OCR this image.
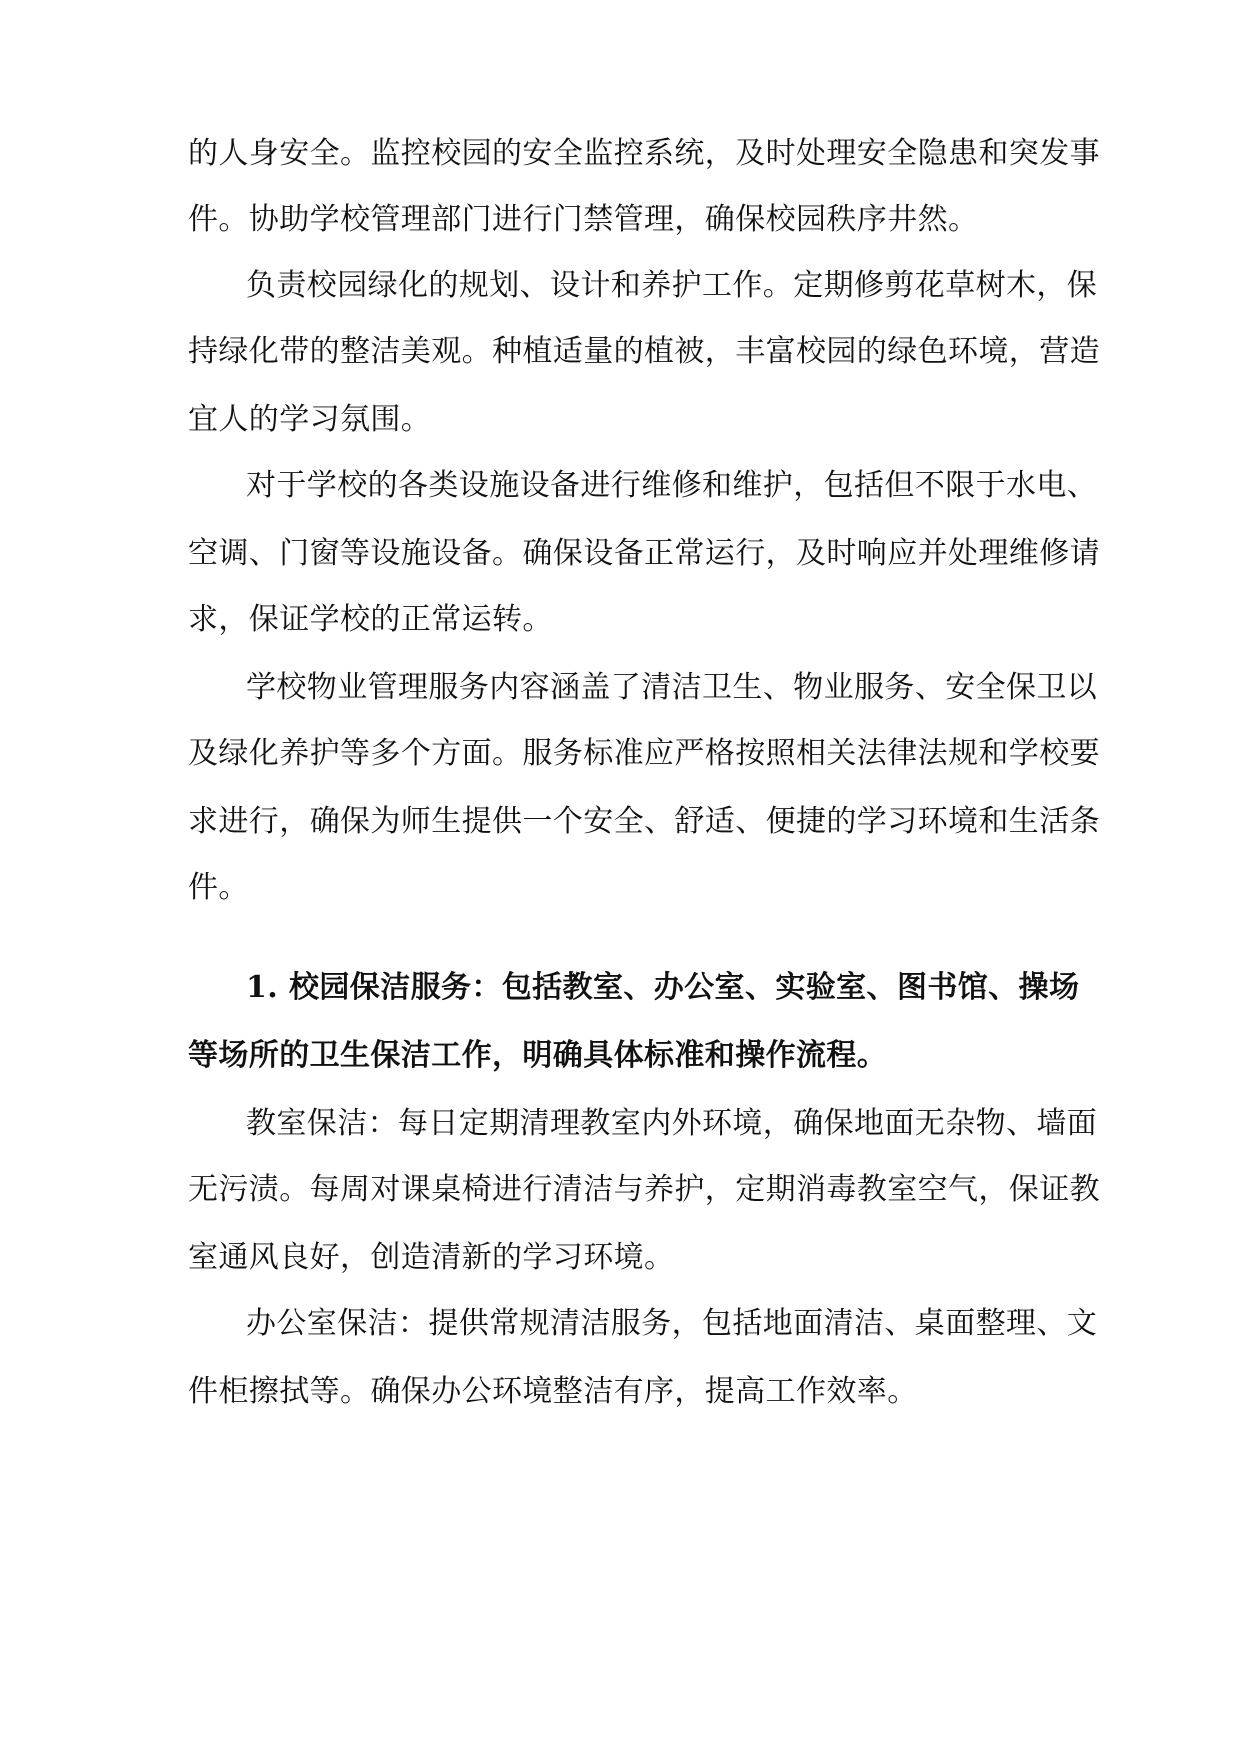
的人身安全。监控校园的安全监控系统，及时处理安全隐患和突发事
件。协助学校管理部门进行门禁管理，确保校园秩序井然。
负责校园绿化的规划、设计和养护工作。定期修剪花草树木，保
持绿化带的整洁美观。种植适量的植被，丰富校园的绿色环境，营造
宜人的学习氛围。
对于学校的各类设施设备进行维修和维护，包括但不限于水电、
空调、门窗等设施设备。确保设备正常运行，及时响应并处理维修请
求，保证学校的正常运转。
学校物业管理服务内容涵盖了清洁卫生、物业服务、安全保卫以
及绿化养护等多个方面。服务标准应严格按照相关法律法规和学校要
求进行，确保为师生提供一个安全、舒适、便捷的学习环境和生活条
件。
1. 校园保洁服务：包括教室、办公室、实验室、图书馆、操场
等场所的卫生保洁工作，明确具体标准和操作流程。
教室保洁：每日定期清理教室内外环境，确保地面无杂物、墙面
无污渍。每周对课桌椅进行清洁与养护，定期消毒教室空气，保证教
室通风良好，创造清新的学习环境。
办公室保洁：提供常规清洁服务，包括地面清洁、桌面整理、文
件柜擦拭等。确保办公环境整洁有序，提高工作效率。
